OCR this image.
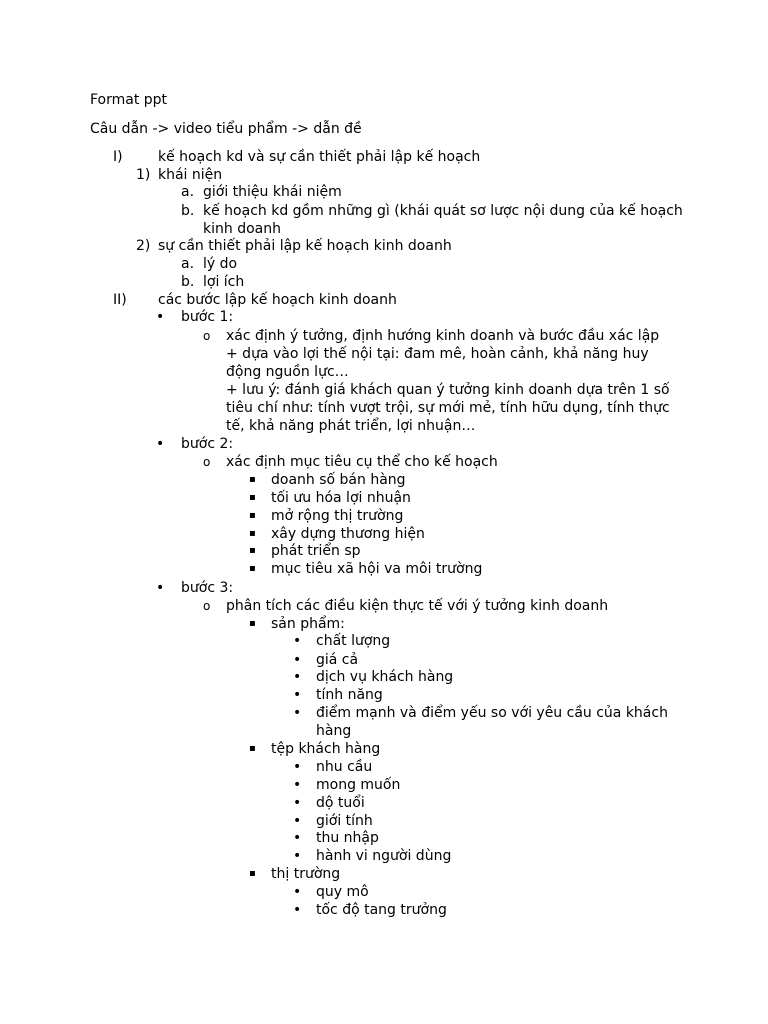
Format ppt
Câu dẫn -> video tiểu phẩm -> dẫn đề
I)	kế hoạch kd và sự cần thiết phải lập kế hoạch
1) khái niện
a. giới thiệu khái niệm
b. kế hoạch kd gồm những gì (khái quát sơ lược nội dung của kế hoạch
kinh doanh
2) sự cần thiết phải lập kế hoạch kinh doanh
a. lý do
b. lợi ích
II) các bước lập kế hoạch kinh doanh
• bước 1:
o xác định ý tưởng, định hướng kinh doanh và bước đầu xác lập
+ dựa vào lợi thế nội tại: đam mê, hoàn cảnh, khả năng huy
động nguồn lực…
+ lưu ý: đánh giá khách quan ý tưởng kinh doanh dựa trên 1 số
tiêu chí như: tính vượt trội, sự mới mẻ, tính hữu dụng, tính thực
tế, khả năng phát triển, lợi nhuận…
• bước 2:
o xác định mục tiêu cụ thể cho kế hoạch
▪ doanh số bán hàng
▪ tối ưu hóa lợi nhuận
▪ mở rộng thị trường
▪ xây dựng thương hiện
▪ phát triển sp
▪ mục tiêu xã hội va môi trường
• bước 3:
o phân tích các điều kiện thực tế với ý tưởng kinh doanh
▪ sản phẩm:
• chất lượng
• giá cả
• dịch vụ khách hàng
• tính năng
• điểm mạnh và điểm yếu so với yêu cầu của khách
hàng
▪ tệp khách hàng
• nhu cầu
• mong muốn
• dộ tuổi
• giới tính
• thu nhập
• hành vi người dùng
▪ thị trường
• quy mô
• tốc độ tang trưởng
